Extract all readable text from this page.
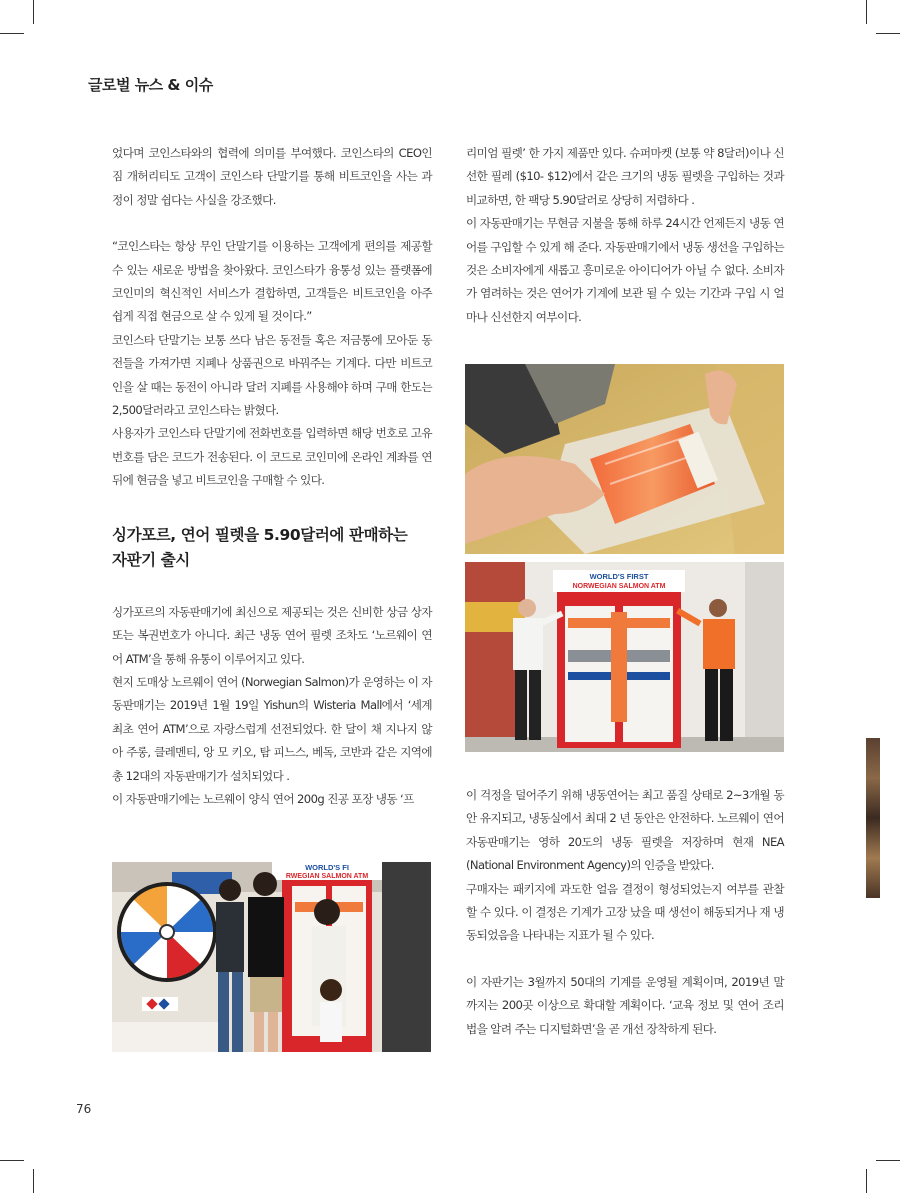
글로벌 뉴스 & 이슈

었다며 코인스타와의 협력에 의미를 부여했다. 코인스타의 CEO인 짐 개허리티도 고객이 코인스타 단말기를 통해 비트코인을 사는 과정이 정말 쉽다는 사실을 강조했다.

“코인스타는 항상 무인 단말기를 이용하는 고객에게 편의를 제공할 수 있는 새로운 방법을 찾아왔다. 코인스타가 융통성 있는 플랫폼에 코인미의 혁신적인 서비스가 결합하면, 고객들은 비트코인을 아주 쉽게 직접 현금으로 살 수 있게 될 것이다.”

코인스타 단말기는 보통 쓰다 남은 동전들 혹은 저금통에 모아둔 동전들을 가져가면 지폐나 상품권으로 바꿔주는 기계다. 다만 비트코인을 살 때는 동전이 아니라 달러 지폐를 사용해야 하며 구매 한도는 2,500달러라고 코인스타는 밝혔다.

사용자가 코인스타 단말기에 전화번호를 입력하면 해당 번호로 고유 번호를 담은 코드가 전송된다. 이 코드로 코인미에 온라인 계좌를 연 뒤에 현금을 넣고 비트코인을 구매할 수 있다.

싱가포르, 연어 필렛을 5.90달러에 판매하는
자판기 출시

싱가포르의 자동판매기에 최신으로 제공되는 것은 신비한 상금 상자 또는 복권번호가 아니다. 최근 냉동 연어 필렛 조차도 ‘노르웨이 연어 ATM’을 통해 유통이 이루어지고 있다.

현지 도매상 노르웨이 연어 (Norwegian Salmon)가 운영하는 이 자동판매기는 2019년 1월 19일 Yishun의 Wisteria Mall에서 ‘세계 최초 연어 ATM’으로 자랑스럽게 선전되었다. 한 달이 채 지나지 않아 주롱, 클레멘티, 앙 모 키오, 탐 피느스, 베독, 코반과 같은 지역에 총 12대의 자동판매기가 설치되었다 .

이 자동판매기에는 노르웨이 양식 연어 200g 진공 포장 냉동 ‘프

리미엄 필렛’ 한 가지 제품만 있다. 슈퍼마켓 (보통 약 8달러)이나 신선한 필레 ($10- $12)에서 같은 크기의 냉동 필렛을 구입하는 것과 비교하면, 한 팩당 5.90달러로 상당히 저렴하다 .

이 자동판매기는 무현금 지불을 통해 하루 24시간 언제든지 냉동 연어를 구입할 수 있게 해 준다. 자동판매기에서 냉동 생선을 구입하는 것은 소비자에게 새롭고 흥미로운 아이디어가 아닐 수 없다. 소비자가 염려하는 것은 연어가 기계에 보관 될 수 있는 기간과 구입 시 얼마나 신선한지 여부이다.

WORLD'S FIRST
NORWEGIAN SALMON ATM

이 걱정을 덜어주기 위해 냉동연어는 최고 품질 상태로 2~3개월 동안 유지되고, 냉동실에서 최대 2 년 동안은 안전하다. 노르웨이 연어 자동판매기는 영하 20도의 냉동 필렛을 저장하며 현재 NEA (National Environment Agency)의 인증을 받았다.

구매자는 패키지에 과도한 얼음 결정이 형성되었는지 여부를 관찰할 수 있다. 이 결정은 기계가 고장 났을 때 생선이 해동되거나 재 냉동되었음을 나타내는 지표가 될 수 있다.

이 자판기는 3월까지 50대의 기계를 운영될 계획이며, 2019년 말까지는 200곳 이상으로 확대할 계획이다. ‘교육 정보 및 연어 조리법을 알려 주는 디지털화면’을 곧 개선 장착하게 된다.

WORLD'S FI
RWEGIAN SALMON ATM
76
